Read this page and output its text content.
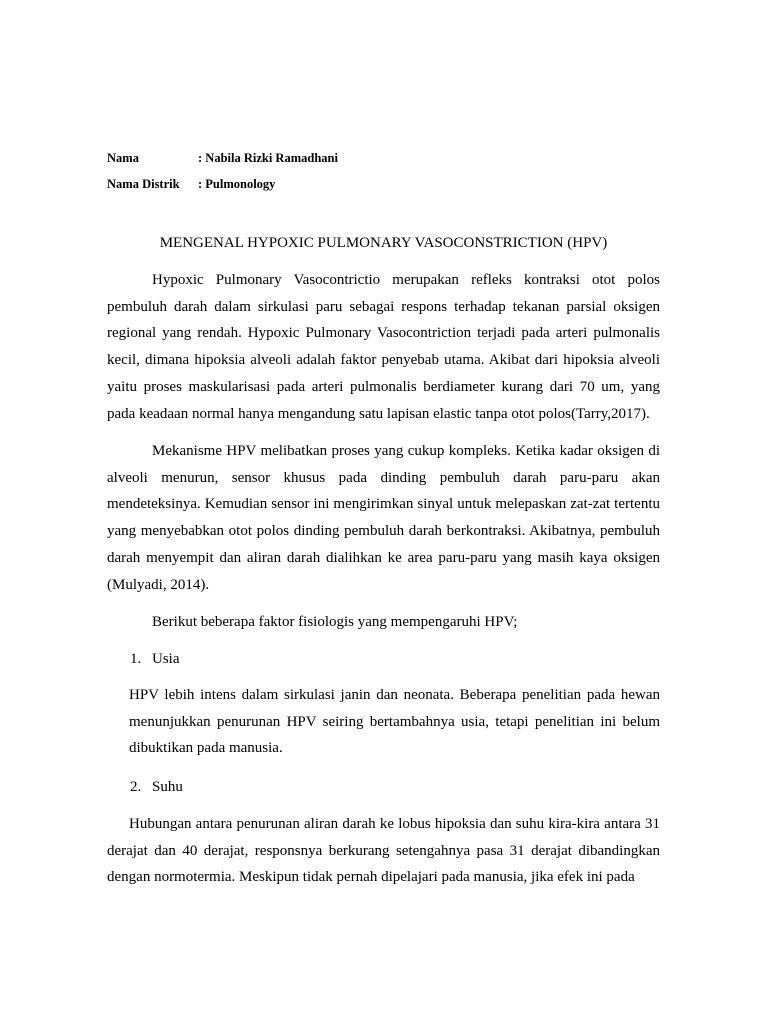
Nama	: Nabila Rizki Ramadhani
Nama Distrik	: Pulmonology
MENGENAL HYPOXIC PULMONARY VASOCONSTRICTION (HPV)

Hypoxic Pulmonary Vasocontrictio merupakan refleks kontraksi otot polos pembuluh darah dalam sirkulasi paru sebagai respons terhadap tekanan parsial oksigen regional yang rendah. Hypoxic Pulmonary Vasocontriction terjadi pada arteri pulmonalis kecil, dimana hipoksia alveoli adalah faktor penyebab utama. Akibat dari hipoksia alveoli yaitu proses maskularisasi pada arteri pulmonalis berdiameter kurang dari 70 um, yang pada keadaan normal hanya mengandung satu lapisan elastic tanpa otot polos(Tarry,2017).

Mekanisme HPV melibatkan proses yang cukup kompleks. Ketika kadar oksigen di alveoli menurun, sensor khusus pada dinding pembuluh darah paru-paru akan mendeteksinya. Kemudian sensor ini mengirimkan sinyal untuk melepaskan zat-zat tertentu yang menyebabkan otot polos dinding pembuluh darah berkontraksi. Akibatnya, pembuluh darah menyempit dan aliran darah dialihkan ke area paru-paru yang masih kaya oksigen (Mulyadi, 2014).

Berikut beberapa faktor fisiologis yang mempengaruhi HPV;

1. Usia

HPV lebih intens dalam sirkulasi janin dan neonata. Beberapa penelitian pada hewan menunjukkan penurunan HPV seiring bertambahnya usia, tetapi penelitian ini belum dibuktikan pada manusia.

2. Suhu

Hubungan antara penurunan aliran darah ke lobus hipoksia dan suhu kira-kira antara 31 derajat dan 40 derajat, responsnya berkurang setengahnya pasa 31 derajat dibandingkan dengan normotermia. Meskipun tidak pernah dipelajari pada manusia, jika efek ini pada
